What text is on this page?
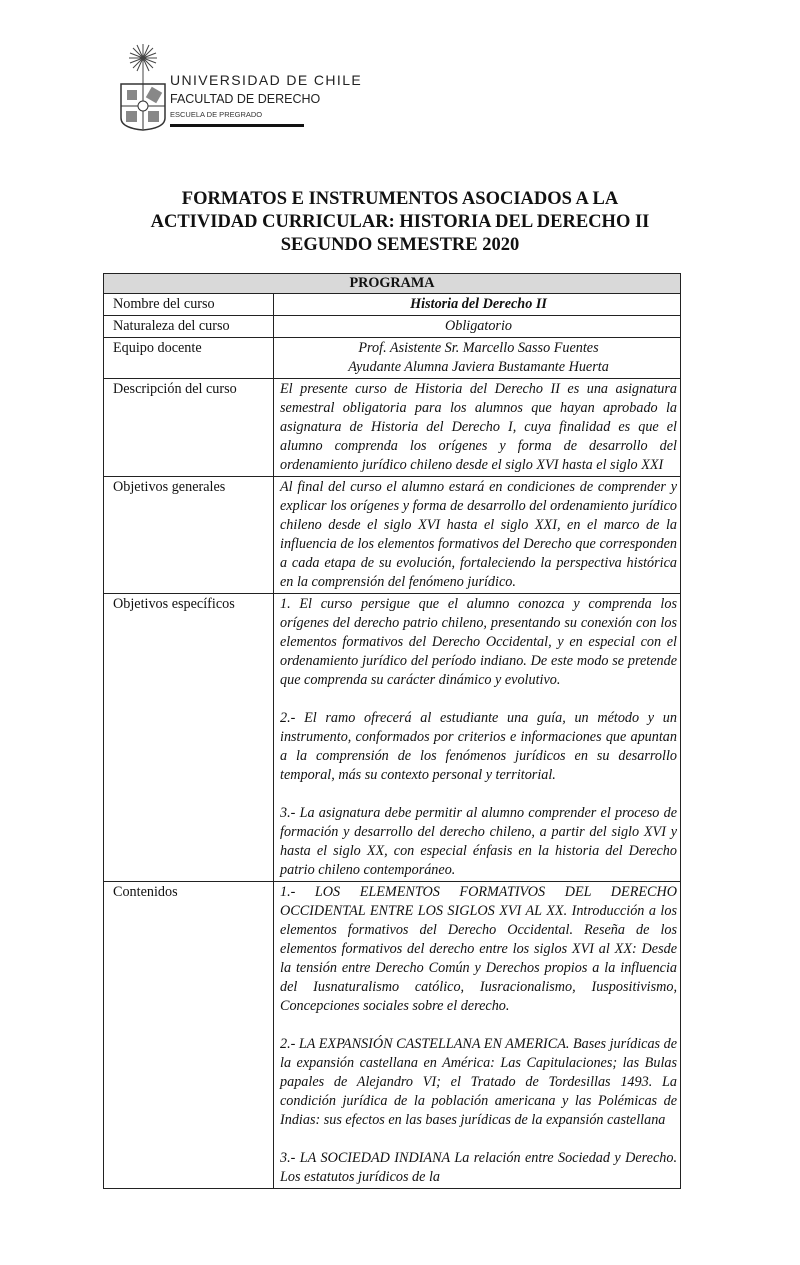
UNIVERSIDAD DE CHILE
FACULTAD DE DERECHO
ESCUELA DE PREGRADO
FORMATOS E INSTRUMENTOS ASOCIADOS A LA
ACTIVIDAD CURRICULAR: HISTORIA DEL DERECHO II
SEGUNDO SEMESTRE 2020
PROGRAMA	
Nombre del curso	Historia del Derecho II
Naturaleza del curso	Obligatorio
Equipo docente	Prof. Asistente Sr. Marcello Sasso Fuentes
Ayudante Alumna Javiera Bustamante Huerta

Descripción del curso	El presente curso de Historia del Derecho II es una asignatura semestral obligatoria para los alumnos que hayan aprobado la asignatura de Historia del Derecho I, cuya finalidad es que el alumno comprenda los orígenes y forma de desarrollo del ordenamiento jurídico chileno desde el siglo XVI hasta el siglo XXI
Objetivos generales	Al final del curso el alumno estará en condiciones de comprender y explicar los orígenes y forma de desarrollo del ordenamiento jurídico chileno desde el siglo XVI hasta el siglo XXI, en el marco de la influencia de los elementos formativos del Derecho que corresponden a cada etapa de su evolución, fortaleciendo la perspectiva histórica en la comprensión del fenómeno jurídico.
Objetivos específicos	1. El curso persigue que el alumno conozca y comprenda los orígenes del derecho patrio chileno, presentando su conexión con los elementos formativos del Derecho Occidental, y en especial con el ordenamiento jurídico del período indiano. De este modo se pretende que comprenda su carácter dinámico y evolutivo.

2.- El ramo ofrecerá al estudiante una guía, un método y un instrumento, conformados por criterios e informaciones que apuntan a la comprensión de los fenómenos jurídicos en su desarrollo temporal, más su contexto personal y territorial.

3.- La asignatura debe permitir al alumno comprender el proceso de formación y desarrollo del derecho chileno, a partir del siglo XVI y hasta el siglo XX, con especial énfasis en la historia del Derecho patrio chileno contemporáneo.

Contenidos	1.- LOS ELEMENTOS FORMATIVOS DEL DERECHO OCCIDENTAL ENTRE LOS SIGLOS XVI AL XX. Introducción a los elementos formativos del Derecho Occidental. Reseña de los elementos formativos del derecho entre los siglos XVI al XX: Desde la tensión entre Derecho Común y Derechos propios a la influencia del Iusnaturalismo católico, Iusracionalismo, Iuspositivismo, Concepciones sociales sobre el derecho.

2.- LA EXPANSIÓN CASTELLANA EN AMERICA. Bases jurídicas de la expansión castellana en América: Las Capitulaciones; las Bulas papales de Alejandro VI; el Tratado de Tordesillas 1493. La condición jurídica de la población americana y las Polémicas de Indias: sus efectos en las bases jurídicas de la expansión castellana

3.- LA SOCIEDAD INDIANA La relación entre Sociedad y Derecho. Los estatutos jurídicos de la
